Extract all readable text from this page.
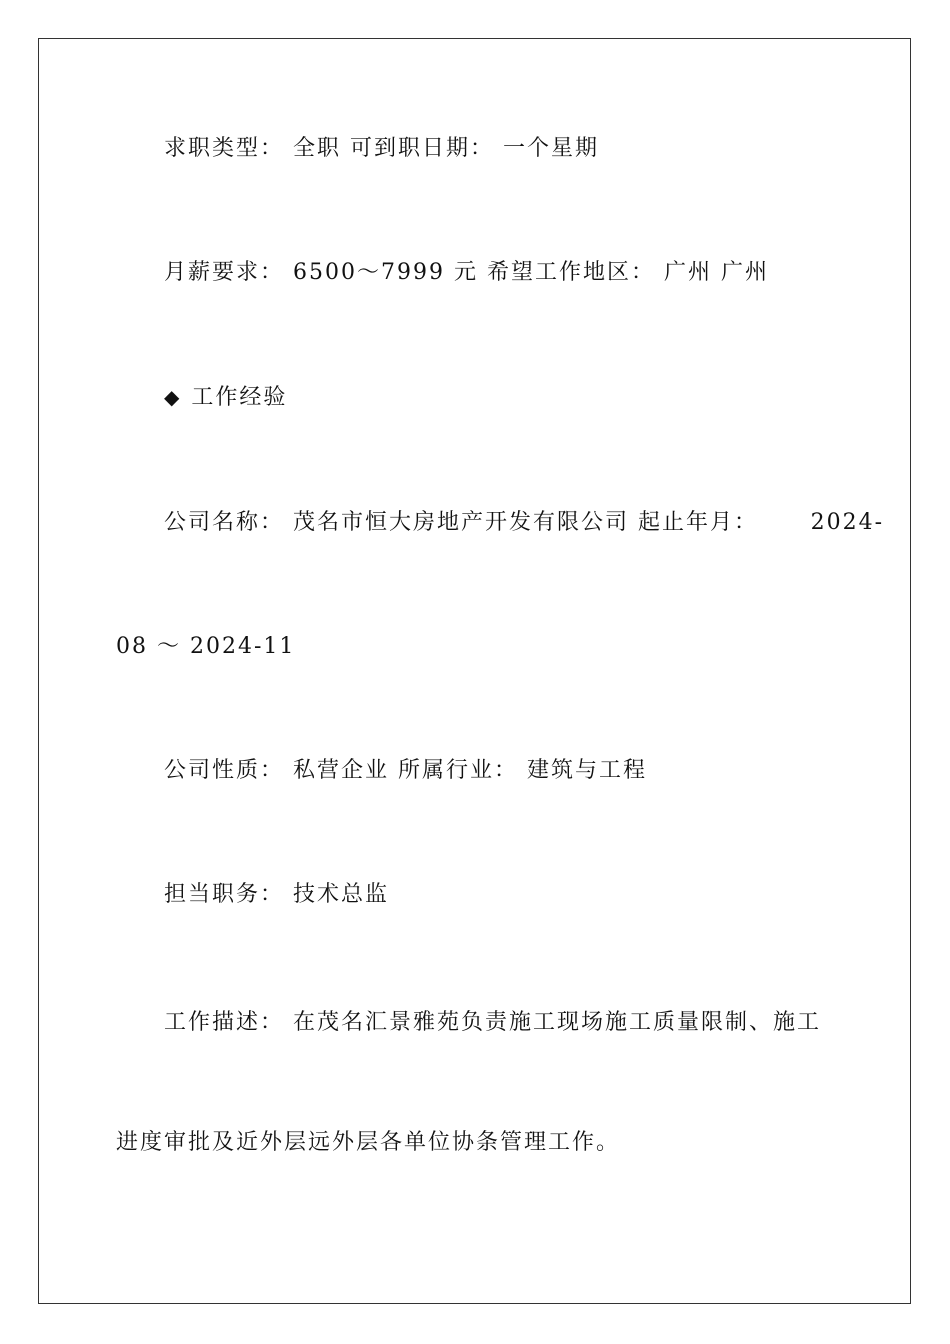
求职类型： 全职 可到职日期： 一个星期
月薪要求： 6500～7999 元 希望工作地区： 广州 广州
◆ 工作经验
公司名称： 茂名市恒大房地产开发有限公司 起止年月： 2024-
08 ～ 2024-11
公司性质： 私营企业 所属行业： 建筑与工程
担当职务： 技术总监
工作描述： 在茂名汇景雅苑负责施工现场施工质量限制、施工
进度审批及近外层远外层各单位协条管理工作。
